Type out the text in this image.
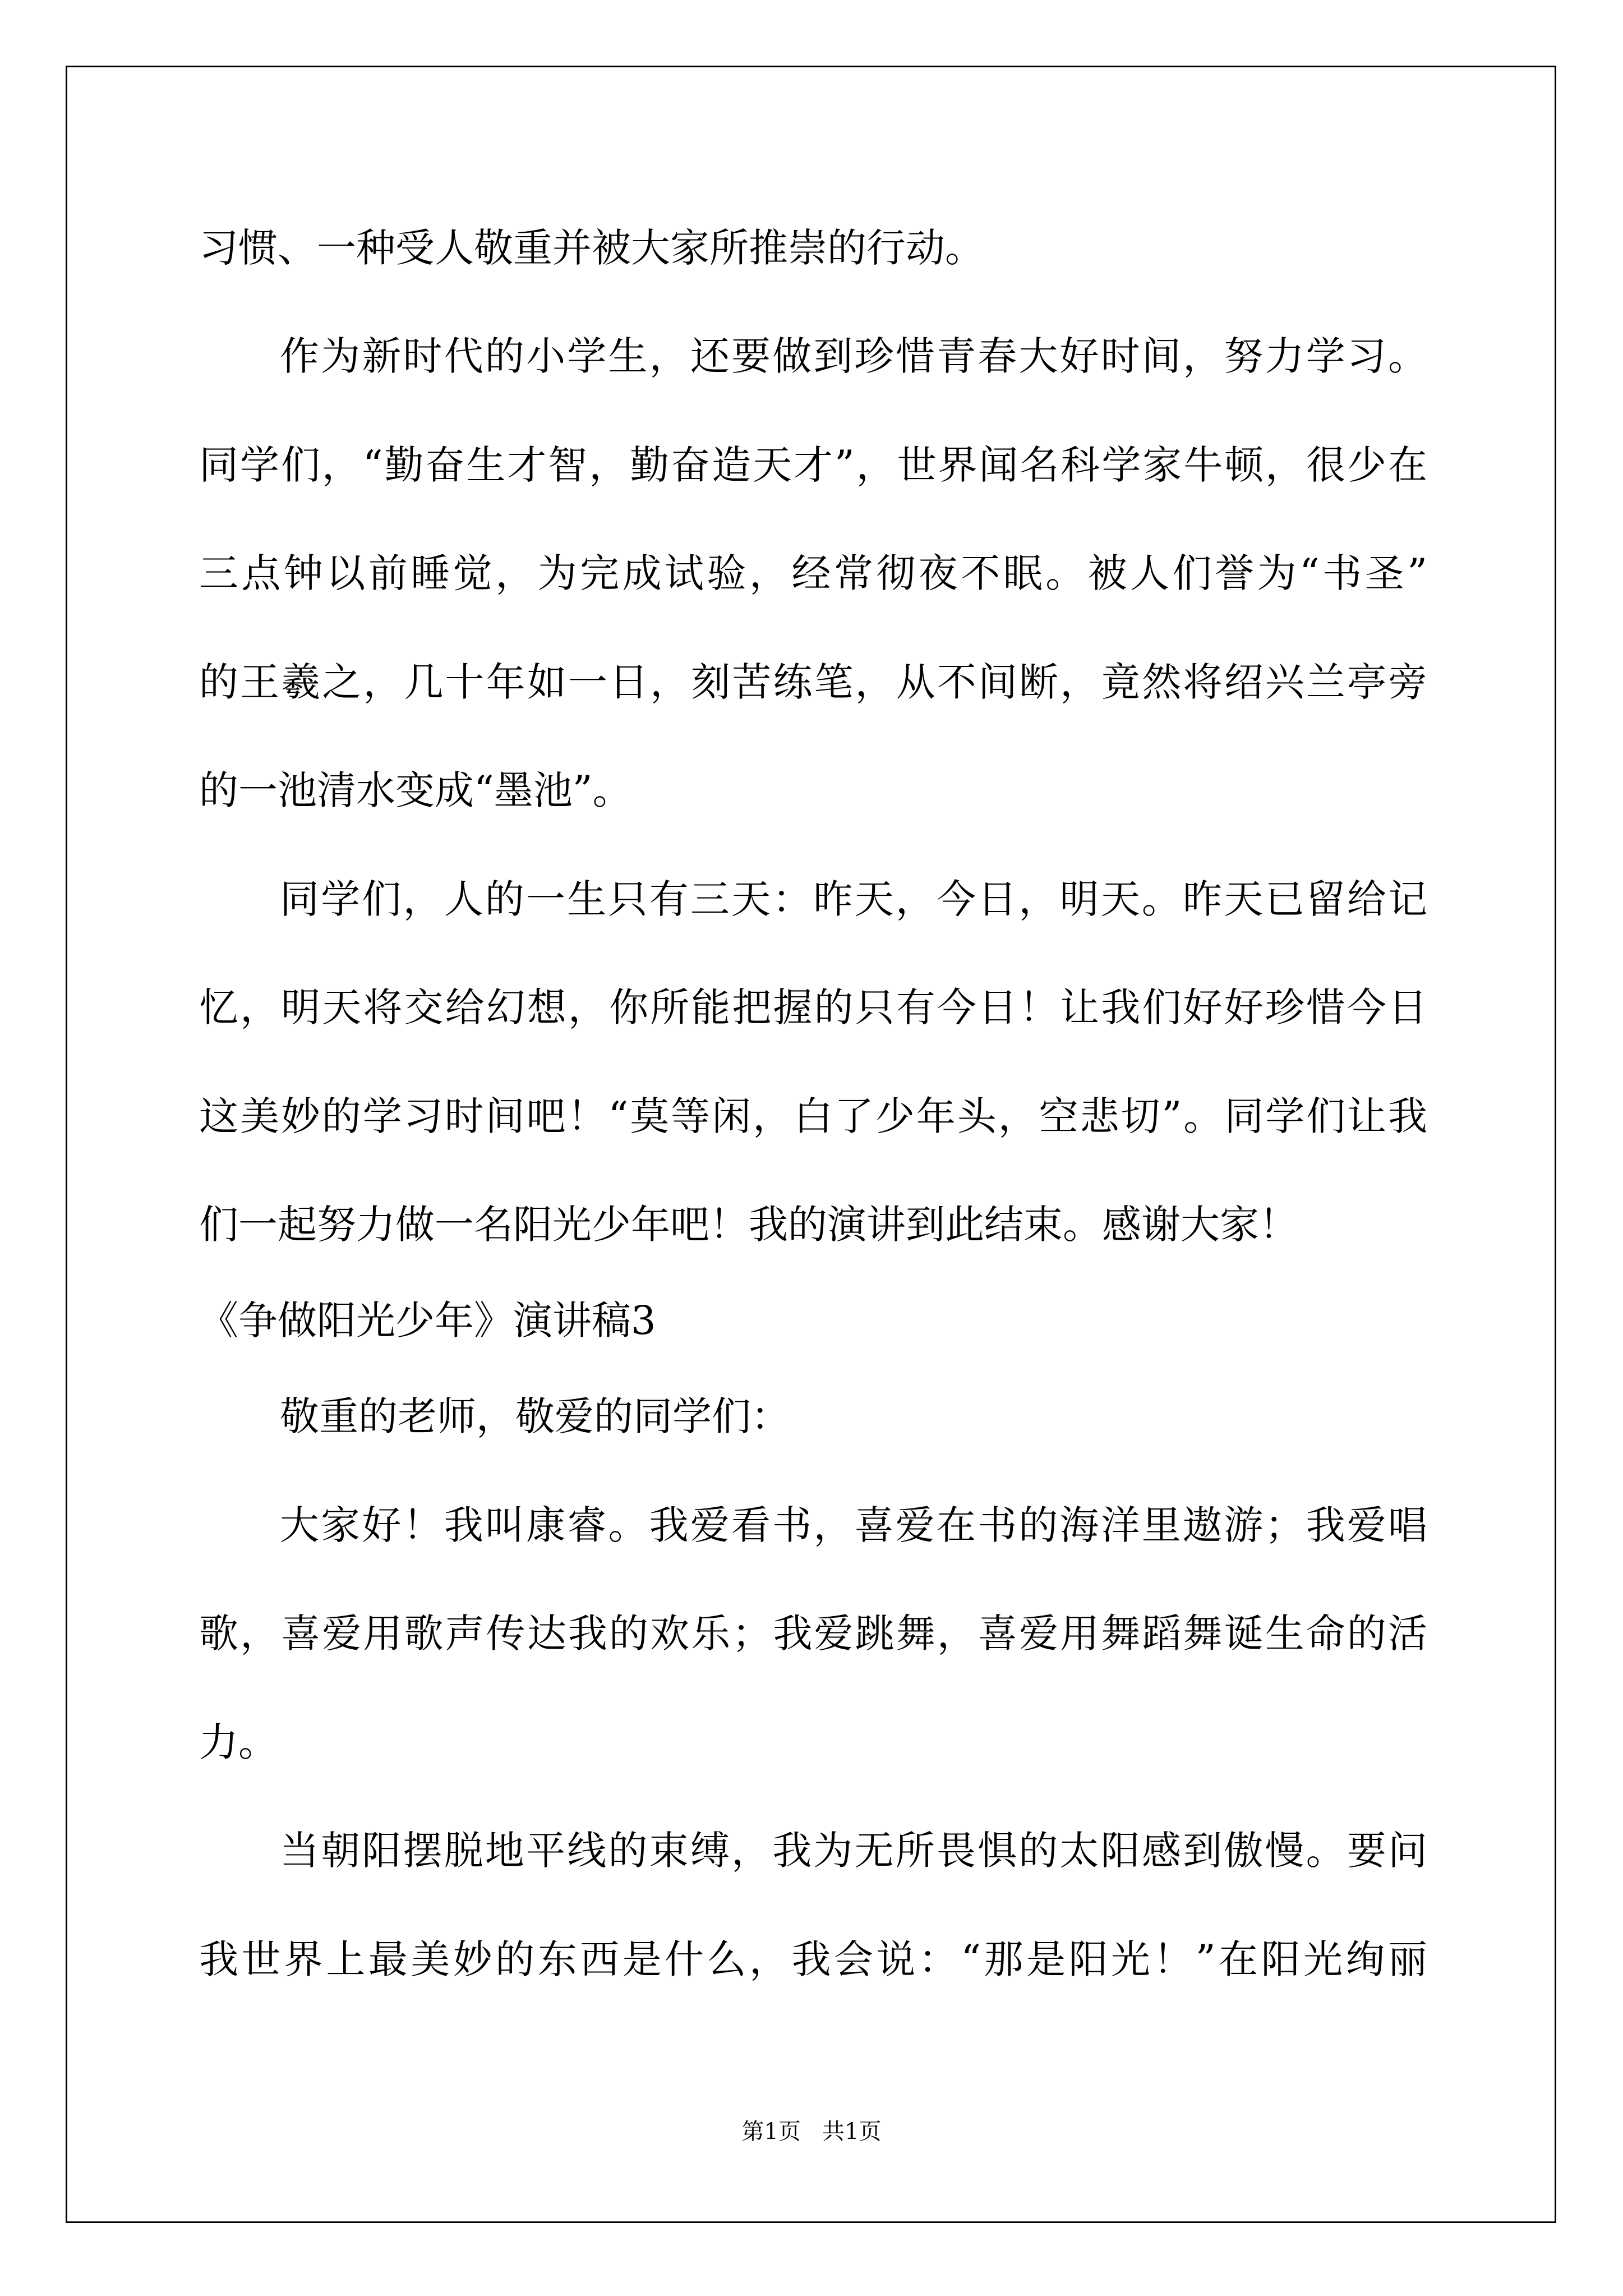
习惯、一种受人敬重并被大家所推崇的行动。
作为新时代的小学生，还要做到珍惜青春大好时间，努力学习。
同学们，“勤奋生才智，勤奋造天才”，世界闻名科学家牛顿，很少在
三点钟以前睡觉，为完成试验，经常彻夜不眠。被人们誉为“书圣”
的王羲之，几十年如一日，刻苦练笔，从不间断，竟然将绍兴兰亭旁
的一池清水变成“墨池”。
同学们，人的一生只有三天：昨天，今日，明天。昨天已留给记
忆，明天将交给幻想，你所能把握的只有今日！让我们好好珍惜今日
这美妙的学习时间吧！“莫等闲，白了少年头，空悲切”。同学们让我
们一起努力做一名阳光少年吧！我的演讲到此结束。感谢大家！
《争做阳光少年》演讲稿3
敬重的老师，敬爱的同学们：
大家好！我叫康睿。我爱看书，喜爱在书的海洋里遨游；我爱唱
歌，喜爱用歌声传达我的欢乐；我爱跳舞，喜爱用舞蹈舞诞生命的活
力。
当朝阳摆脱地平线的束缚，我为无所畏惧的太阳感到傲慢。要问
我世界上最美妙的东西是什么，我会说：“那是阳光！”在阳光绚丽
第1页   共1页
